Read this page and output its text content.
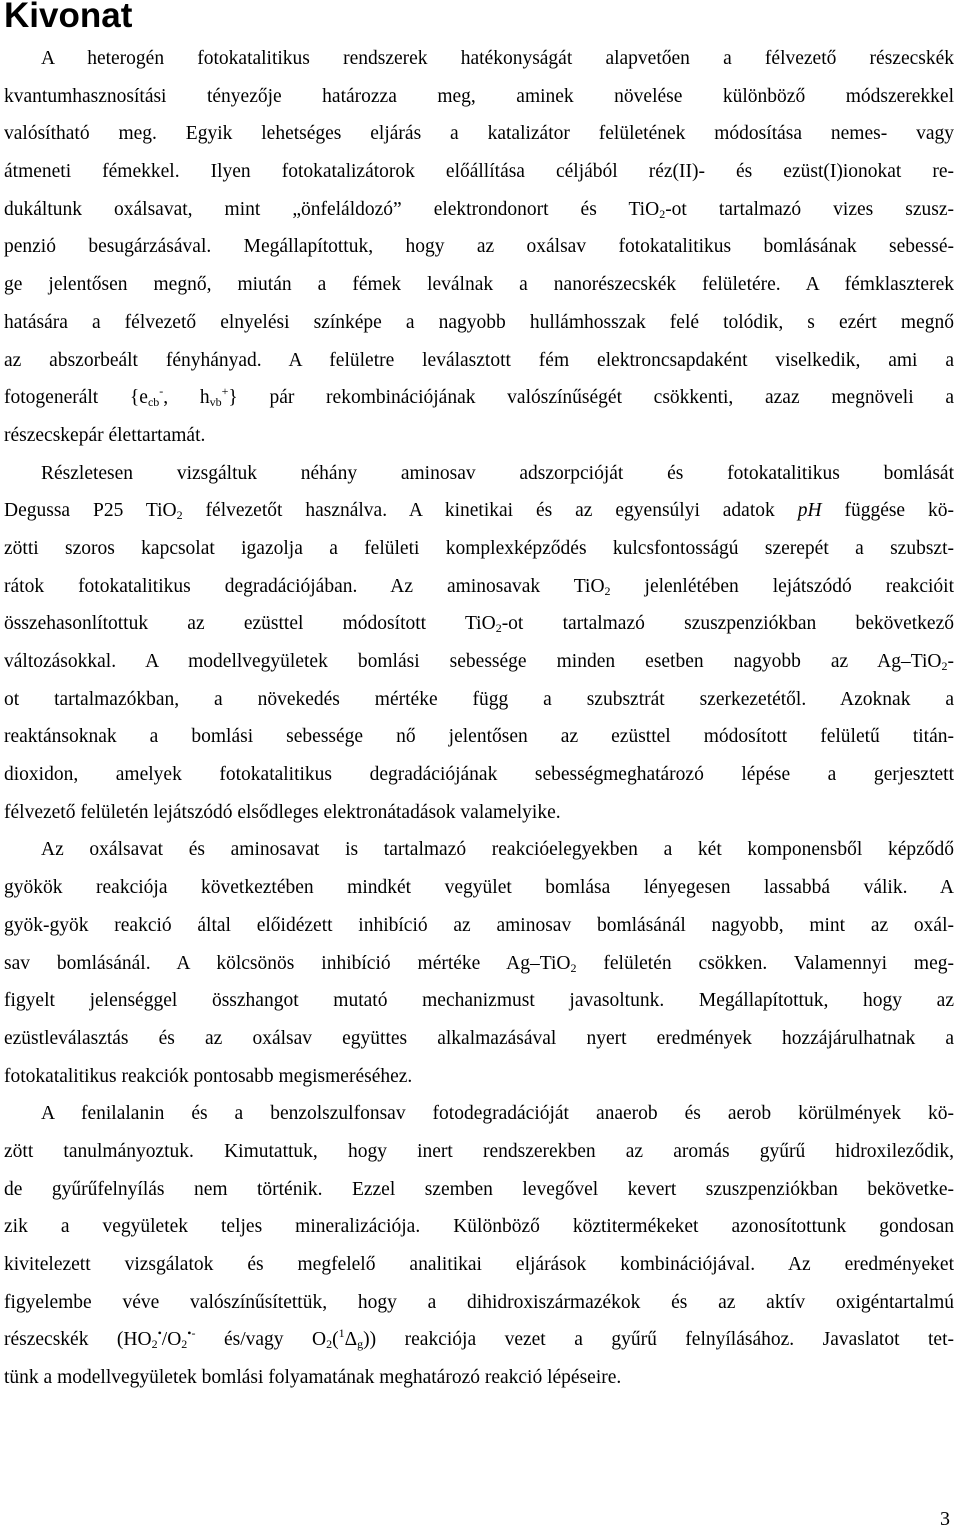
Kivonat
A heterogén fotokatalitikus rendszerek hatékonyságát alapvetően a félvezető részecskék
kvantumhasznosítási tényezője határozza meg, aminek növelése különböző módszerekkel
valósítható meg. Egyik lehetséges eljárás a katalizátor felületének módosítása nemes- vagy
átmeneti fémekkel. Ilyen fotokatalizátorok előállítása céljából réz(II)- és ezüst(I)ionokat re-
dukáltunk oxálsavat, mint „önfeláldozó” elektrondonort és TiO$_2$-ot tartalmazó vizes szusz-
penzió besugárzásával. Megállapítottuk, hogy az oxálsav fotokatalitikus bomlásának sebessé-
ge jelentősen megnő, miután a fémek leválnak a nanorészecskék felületére. A fémklaszterek
hatására a félvezető elnyelési színképe a nagyobb hullámhosszak felé tolódik, s ezért megnő
az abszorbeált fényhányad. A felületre leválasztott fém elektroncsapdaként viselkedik, ami a
fotogenerált {$e_{cb}^-$, $h_{vb}^+$} pár rekombinációjának valószínűségét csökkenti, azaz megnöveli a
részecskepár élettartamát.
Részletesen vizsgáltuk néhány aminosav adszorpcióját és fotokatalitikus bomlását
Degussa P25 TiO$_2$ félvezetőt használva. A kinetikai és az egyensúlyi adatok pH függése kö-
zötti szoros kapcsolat igazolja a felületi komplexképződés kulcsfontosságú szerepét a szubszt-
rátok fotokatalitikus degradációjában. Az aminosavak TiO$_2$ jelenlétében lejátszódó reakcióit
összehasonlítottuk az ezüsttel módosított TiO$_2$-ot tartalmazó szuszpenziókban bekövetkező
változásokkal. A modellvegyületek bomlási sebessége minden esetben nagyobb az Ag–TiO$_2$-
ot tartalmazókban, a növekedés mértéke függ a szubsztrát szerkezetétől. Azoknak a
reaktánsoknak a bomlási sebessége nő jelentősen az ezüsttel módosított felületű titán-
dioxidon, amelyek fotokatalitikus degradációjának sebességmeghatározó lépése a gerjesztett
félvezető felületén lejátszódó elsődleges elektronátadások valamelyike.
Az oxálsavat és aminosavat is tartalmazó reakcióelegyekben a két komponensből képződő
gyökök reakciója következtében mindkét vegyület bomlása lényegesen lassabbá válik. A
gyök-gyök reakció által előidézett inhibíció az aminosav bomlásánál nagyobb, mint az oxál-
sav bomlásánál. A kölcsönös inhibíció mértéke Ag–TiO$_2$ felületén csökken. Valamennyi meg-
figyelt jelenséggel összhangot mutató mechanizmust javasoltunk. Megállapítottuk, hogy az
ezüstleválasztás és az oxálsav együttes alkalmazásával nyert eredmények hozzájárulhatnak a
fotokatalitikus reakciók pontosabb megismeréséhez.
A fenilalanin és a benzolszulfonsav fotodegradációját anaerob és aerob körülmények kö-
zött tanulmányoztuk. Kimutattuk, hogy inert rendszerekben az aromás gyűrű hidroxileződik,
de gyűrűfelnyílás nem történik. Ezzel szemben levegővel kevert szuszpenziókban bekövetke-
zik a vegyületek teljes mineralizációja. Különböző köztitermékeket azonosítottunk gondosan
kivitelezett vizsgálatok és megfelelő analitikai eljárások kombinációjával. Az eredményeket
figyelembe véve valószínűsítettük, hogy a dihidroxiszármazékok és az aktív oxigéntartalmú
részecskék ($HO_2^•/O_2^{•-}$ és/vagy $O_2(^1\Delta_g)$) reakciója vezet a gyűrű felnyílásához. Javaslatot tet-
tünk a modellvegyületek bomlási folyamatának meghatározó reakció lépéseire.
3
